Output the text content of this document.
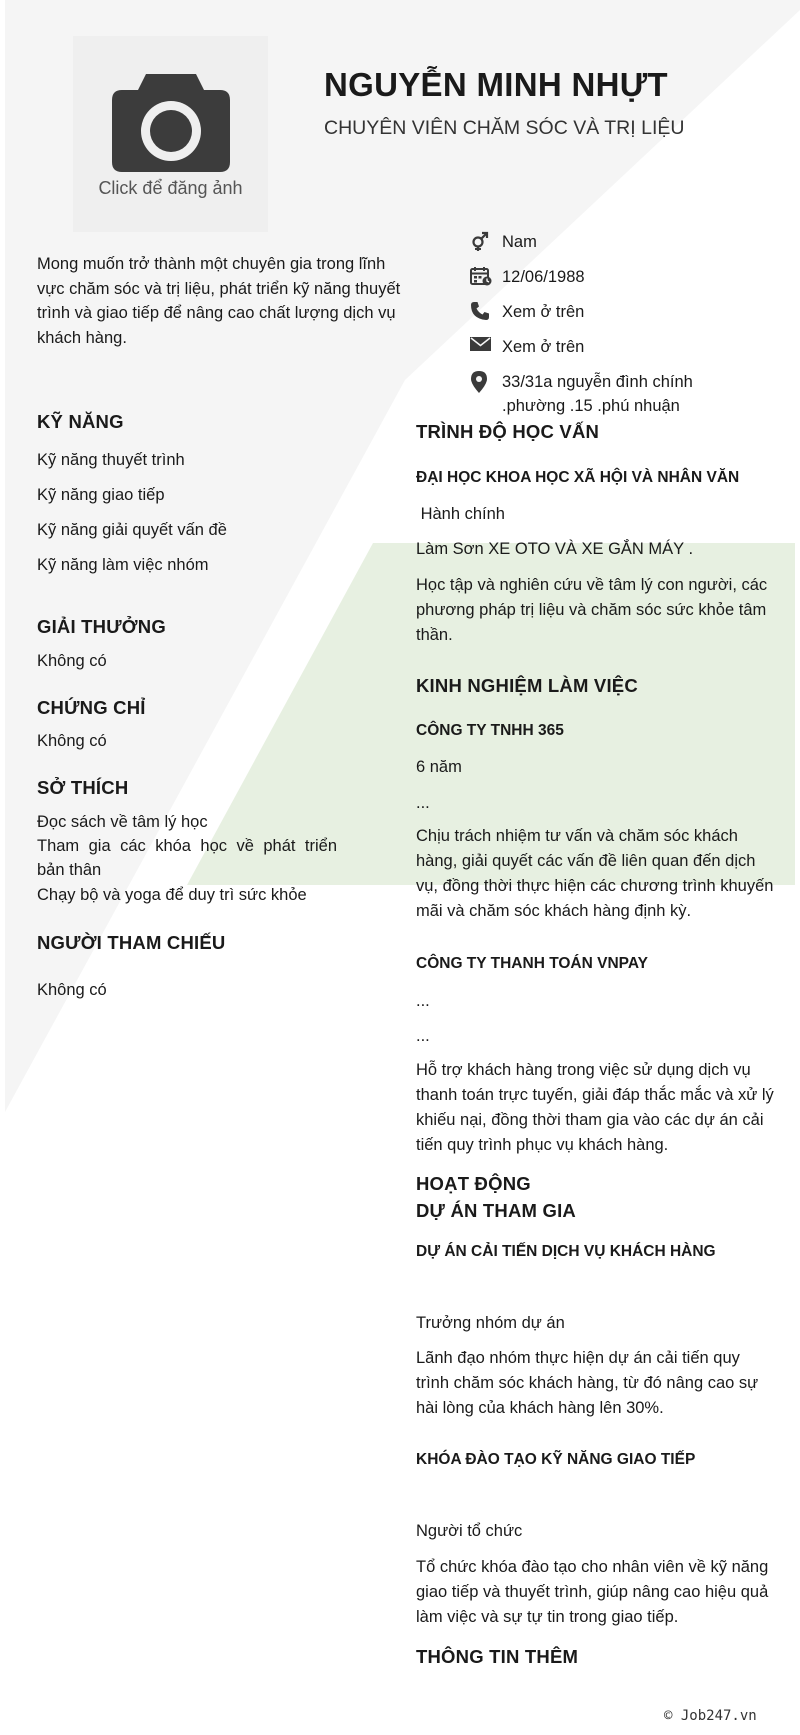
Click để đăng ảnh
NGUYỄN MINH NHỰT
CHUYÊN VIÊN CHĂM SÓC VÀ TRỊ LIỆU
Mong muốn trở thành một chuyên gia trong lĩnh vực chăm sóc và trị liệu, phát triển kỹ năng thuyết trình và giao tiếp để nâng cao chất lượng dịch vụ khách hàng.
Nam
12/06/1988
Xem ở trên
Xem ở trên
33/31a nguyễn đình chính
.phường .15 .phú nhuận
KỸ NĂNG
Kỹ năng thuyết trình
Kỹ năng giao tiếp
Kỹ năng giải quyết vấn đề
Kỹ năng làm việc nhóm
GIẢI THƯỞNG
Không có
CHỨNG CHỈ
Không có
SỞ THÍCH
Đọc sách về tâm lý học
Tham gia các khóa học về phát triển
bản thân
Chạy bộ và yoga để duy trì sức khỏe
NGƯỜI THAM CHIẾU
Không có
TRÌNH ĐỘ HỌC VẤN
ĐẠI HỌC KHOA HỌC XÃ HỘI VÀ NHÂN VĂN
Hành chính
Làm Sơn XE OTO VÀ XE GẮN MÁY .
Học tập và nghiên cứu về tâm lý con người, các phương pháp trị liệu và chăm sóc sức khỏe tâm thần.
KINH NGHIỆM LÀM VIỆC
CÔNG TY TNHH 365
6 năm
...
Chịu trách nhiệm tư vấn và chăm sóc khách hàng, giải quyết các vấn đề liên quan đến dịch vụ, đồng thời thực hiện các chương trình khuyến mãi và chăm sóc khách hàng định kỳ.
CÔNG TY THANH TOÁN VNPAY
...
...
Hỗ trợ khách hàng trong việc sử dụng dịch vụ thanh toán trực tuyến, giải đáp thắc mắc và xử lý khiếu nại, đồng thời tham gia vào các dự án cải tiến quy trình phục vụ khách hàng.
HOẠT ĐỘNG
DỰ ÁN THAM GIA
DỰ ÁN CẢI TIẾN DỊCH VỤ KHÁCH HÀNG
Trưởng nhóm dự án
Lãnh đạo nhóm thực hiện dự án cải tiến quy trình chăm sóc khách hàng, từ đó nâng cao sự hài lòng của khách hàng lên 30%.
KHÓA ĐÀO TẠO KỸ NĂNG GIAO TIẾP
Người tổ chức
Tổ chức khóa đào tạo cho nhân viên về kỹ năng giao tiếp và thuyết trình, giúp nâng cao hiệu quả làm việc và sự tự tin trong giao tiếp.
THÔNG TIN THÊM
© Job247.vn
